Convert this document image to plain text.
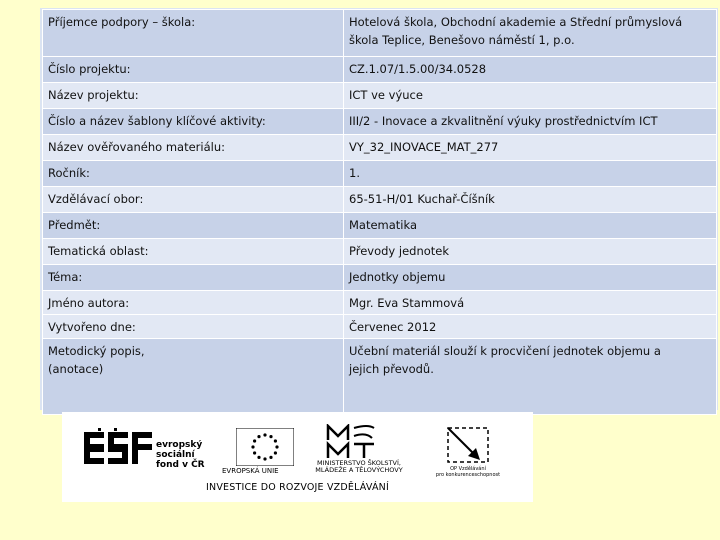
Příjemce podpory – škola:	Hotelová škola, Obchodní akademie a Střední průmyslová
škola Teplice, Benešovo náměstí 1, p.o.

Číslo projektu:	CZ.1.07/1.5.00/34.0528
Název projektu:	ICT ve výuce
Číslo a název šablony klíčové aktivity:	III/2 - Inovace a zkvalitnění výuky prostřednictvím ICT
Název ověřovaného materiálu:	VY_32_INOVACE_MAT_277
Ročník:	1.
Vzdělávací obor:	65-51-H/01 Kuchař-Číšník
Předmět:	Matematika
Tematická oblast:	Převody jednotek
Téma:	Jednotky objemu
Jméno autora:	Mgr. Eva Stammová
Vytvořeno dne:	Červenec 2012

Metodický popis,
(anotace)	Učební materiál slouží k procvičení jednotek objemu a
jejich převodů.
evropský
sociální
fond v ČR
EVROPSKÁ UNIE
MINISTERSTVO ŠKOLSTVÍ,
MLÁDEŽE A TĚLOVÝCHOVY	OP Vzdělávání
pro konkurenceschopnost
INVESTICE DO ROZVOJE VZDĚLÁVÁNÍ
